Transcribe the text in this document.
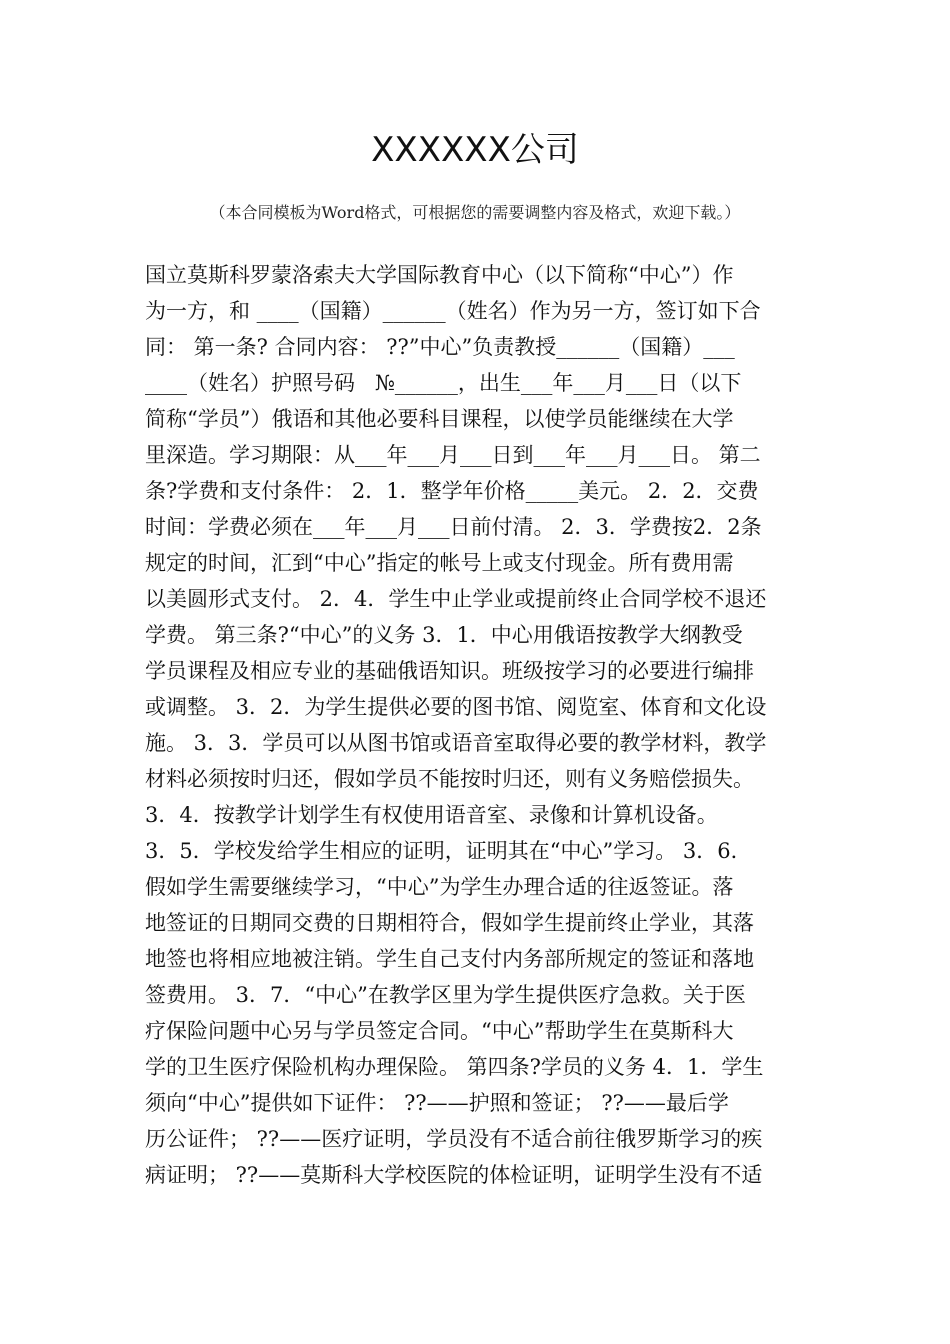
XXXXXX公司
（本合同模板为Word格式，可根据您的需要调整内容及格式，欢迎下载。）
国立莫斯科罗蒙洛索夫大学国际教育中心（以下简称“中心”）作
为一方，和 ____（国籍）______（姓名）作为另一方，签订如下合
同： 第一条? 合同内容： ??”中心”负责教授______（国籍）___
____（姓名）护照号码   №______，出生___年___月___日（以下
简称“学员”）俄语和其他必要科目课程，以使学员能继续在大学
里深造。学习期限：从___年___月___日到___年___月___日。 第二
条?学费和支付条件： 2．1．整学年价格_____美元。 2．2．交费
时间：学费必须在___年___月___日前付清。 2．3．学费按2．2条
规定的时间，汇到“中心”指定的帐号上或支付现金。所有费用需
以美圆形式支付。 2．4．学生中止学业或提前终止合同学校不退还
学费。 第三条?“中心”的义务 3．1．中心用俄语按教学大纲教受
学员课程及相应专业的基础俄语知识。班级按学习的必要进行编排
或调整。 3．2．为学生提供必要的图书馆、阅览室、体育和文化设
施。 3．3．学员可以从图书馆或语音室取得必要的教学材料，教学
材料必须按时归还，假如学员不能按时归还，则有义务赔偿损失。
3．4．按教学计划学生有权使用语音室、录像和计算机设备。
3．5．学校发给学生相应的证明，证明其在“中心”学习。 3．6．
假如学生需要继续学习，“中心”为学生办理合适的往返签证。落
地签证的日期同交费的日期相符合，假如学生提前终止学业，其落
地签也将相应地被注销。学生自己支付内务部所规定的签证和落地
签费用。 3．7．“中心”在教学区里为学生提供医疗急救。关于医
疗保险问题中心另与学员签定合同。“中心”帮助学生在莫斯科大
学的卫生医疗保险机构办理保险。 第四条?学员的义务 4．1．学生
须向“中心”提供如下证件： ??——护照和签证； ??——最后学
历公证件； ??——医疗证明，学员没有不适合前往俄罗斯学习的疾
病证明； ??——莫斯科大学校医院的体检证明，证明学生没有不适
